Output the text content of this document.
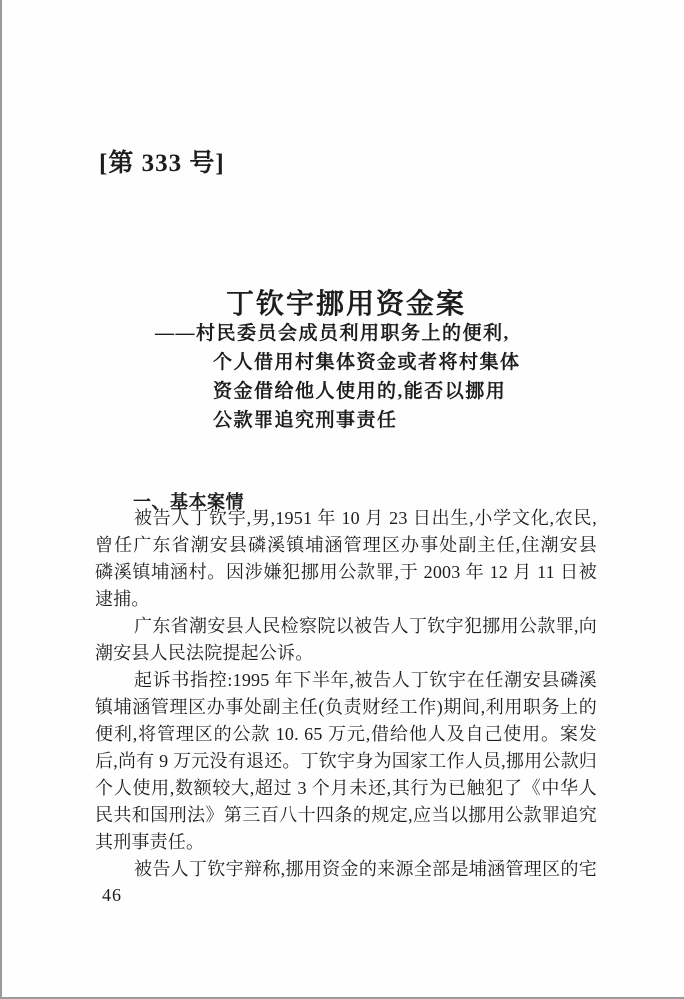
[第 333 号]
丁钦宇挪用资金案
——村民委员会成员利用职务上的便利,
个人借用村集体资金或者将村集体
资金借给他人使用的,能否以挪用
公款罪追究刑事责任
一、基本案情
被告人丁钦宇,男,1951 年 10 月 23 日出生,小学文化,农民,
曾任广东省潮安县磷溪镇埔涵管理区办事处副主任,住潮安县
磷溪镇埔涵村。因涉嫌犯挪用公款罪,于 2003 年 12 月 11 日被
逮捕。
广东省潮安县人民检察院以被告人丁钦宇犯挪用公款罪,向
潮安县人民法院提起公诉。
起诉书指控:1995 年下半年,被告人丁钦宇在任潮安县磷溪
镇埔涵管理区办事处副主任(负责财经工作)期间,利用职务上的
便利,将管理区的公款 10. 65 万元,借给他人及自己使用。案发
后,尚有 9 万元没有退还。丁钦宇身为国家工作人员,挪用公款归
个人使用,数额较大,超过 3 个月未还,其行为已触犯了《中华人
民共和国刑法》第三百八十四条的规定,应当以挪用公款罪追究
其刑事责任。
被告人丁钦宇辩称,挪用资金的来源全部是埔涵管理区的宅
46
